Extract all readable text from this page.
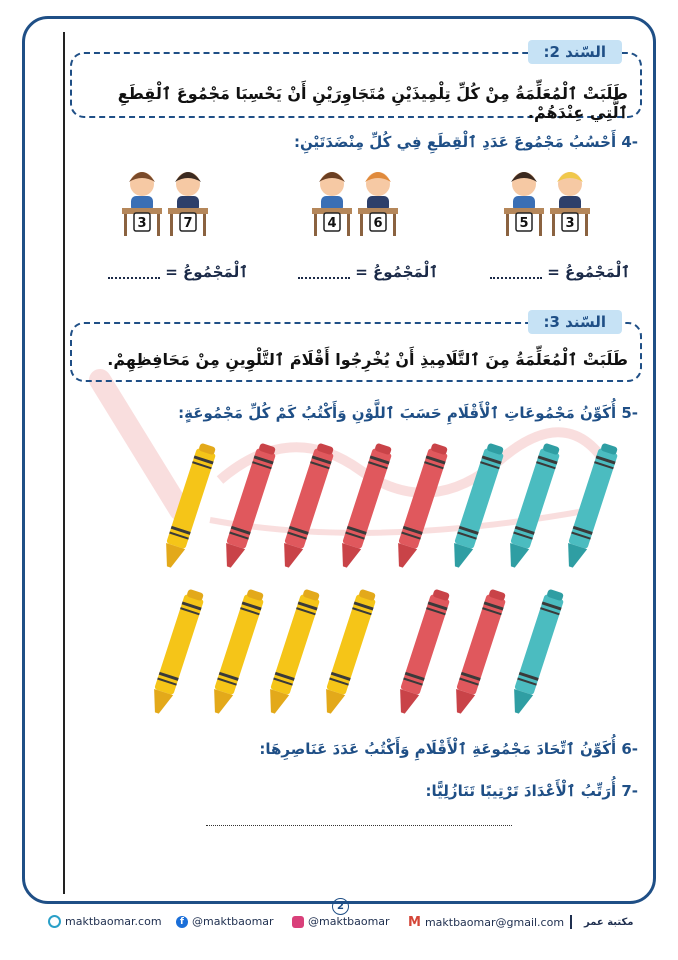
السّند 2:
طَلَبَتْ ٱلْمُعَلِّمَةُ مِنْ كُلِّ تِلْمِيذَيْنِ مُتَجَاوِرَيْنِ أَنْ يَحْسِبَا مَجْمُوعَ ٱلْقِطَعِ ٱلَّتِي عِنْدَهُمْ.
-4 أَحْسُبُ مَجْمُوعَ عَدَدِ ٱلْقِطَعِ فِي كُلِّ مِنْضَدَتَيْنِ:
3	7	4	6	5	3
ٱلْمَجْمُوعُ =	ٱلْمَجْمُوعُ =	ٱلْمَجْمُوعُ =
السّند 3:
طَلَبَتْ ٱلْمُعَلِّمَةُ مِنَ ٱلتَّلَامِيذِ أَنْ يُخْرِجُوا أَقْلَامَ ٱلتَّلْوِينِ مِنْ مَحَافِظِهِمْ.
-5 أُكَوِّنُ مَجْمُوعَاتِ ٱلْأَقْلَامِ حَسَبَ ٱللَّوْنِ وَأَكْتُبُ كَمْ كُلِّ مَجْمُوعَةٍ:
-6 أُكَوِّنُ ٱتِّحَادَ مَجْمُوعَةِ ٱلْأَقْلَامِ وَأَكْتُبُ عَدَدَ عَنَاصِرِهَا:
-7 أُرَتِّبُ ٱلْأَعْدَادَ تَرْتِيبًا تَنَازُلِيًّا:
2
maktbaomar.com	f @maktbaomar	@maktbaomar M maktbaomar@gmail.com مكتبة عمر
